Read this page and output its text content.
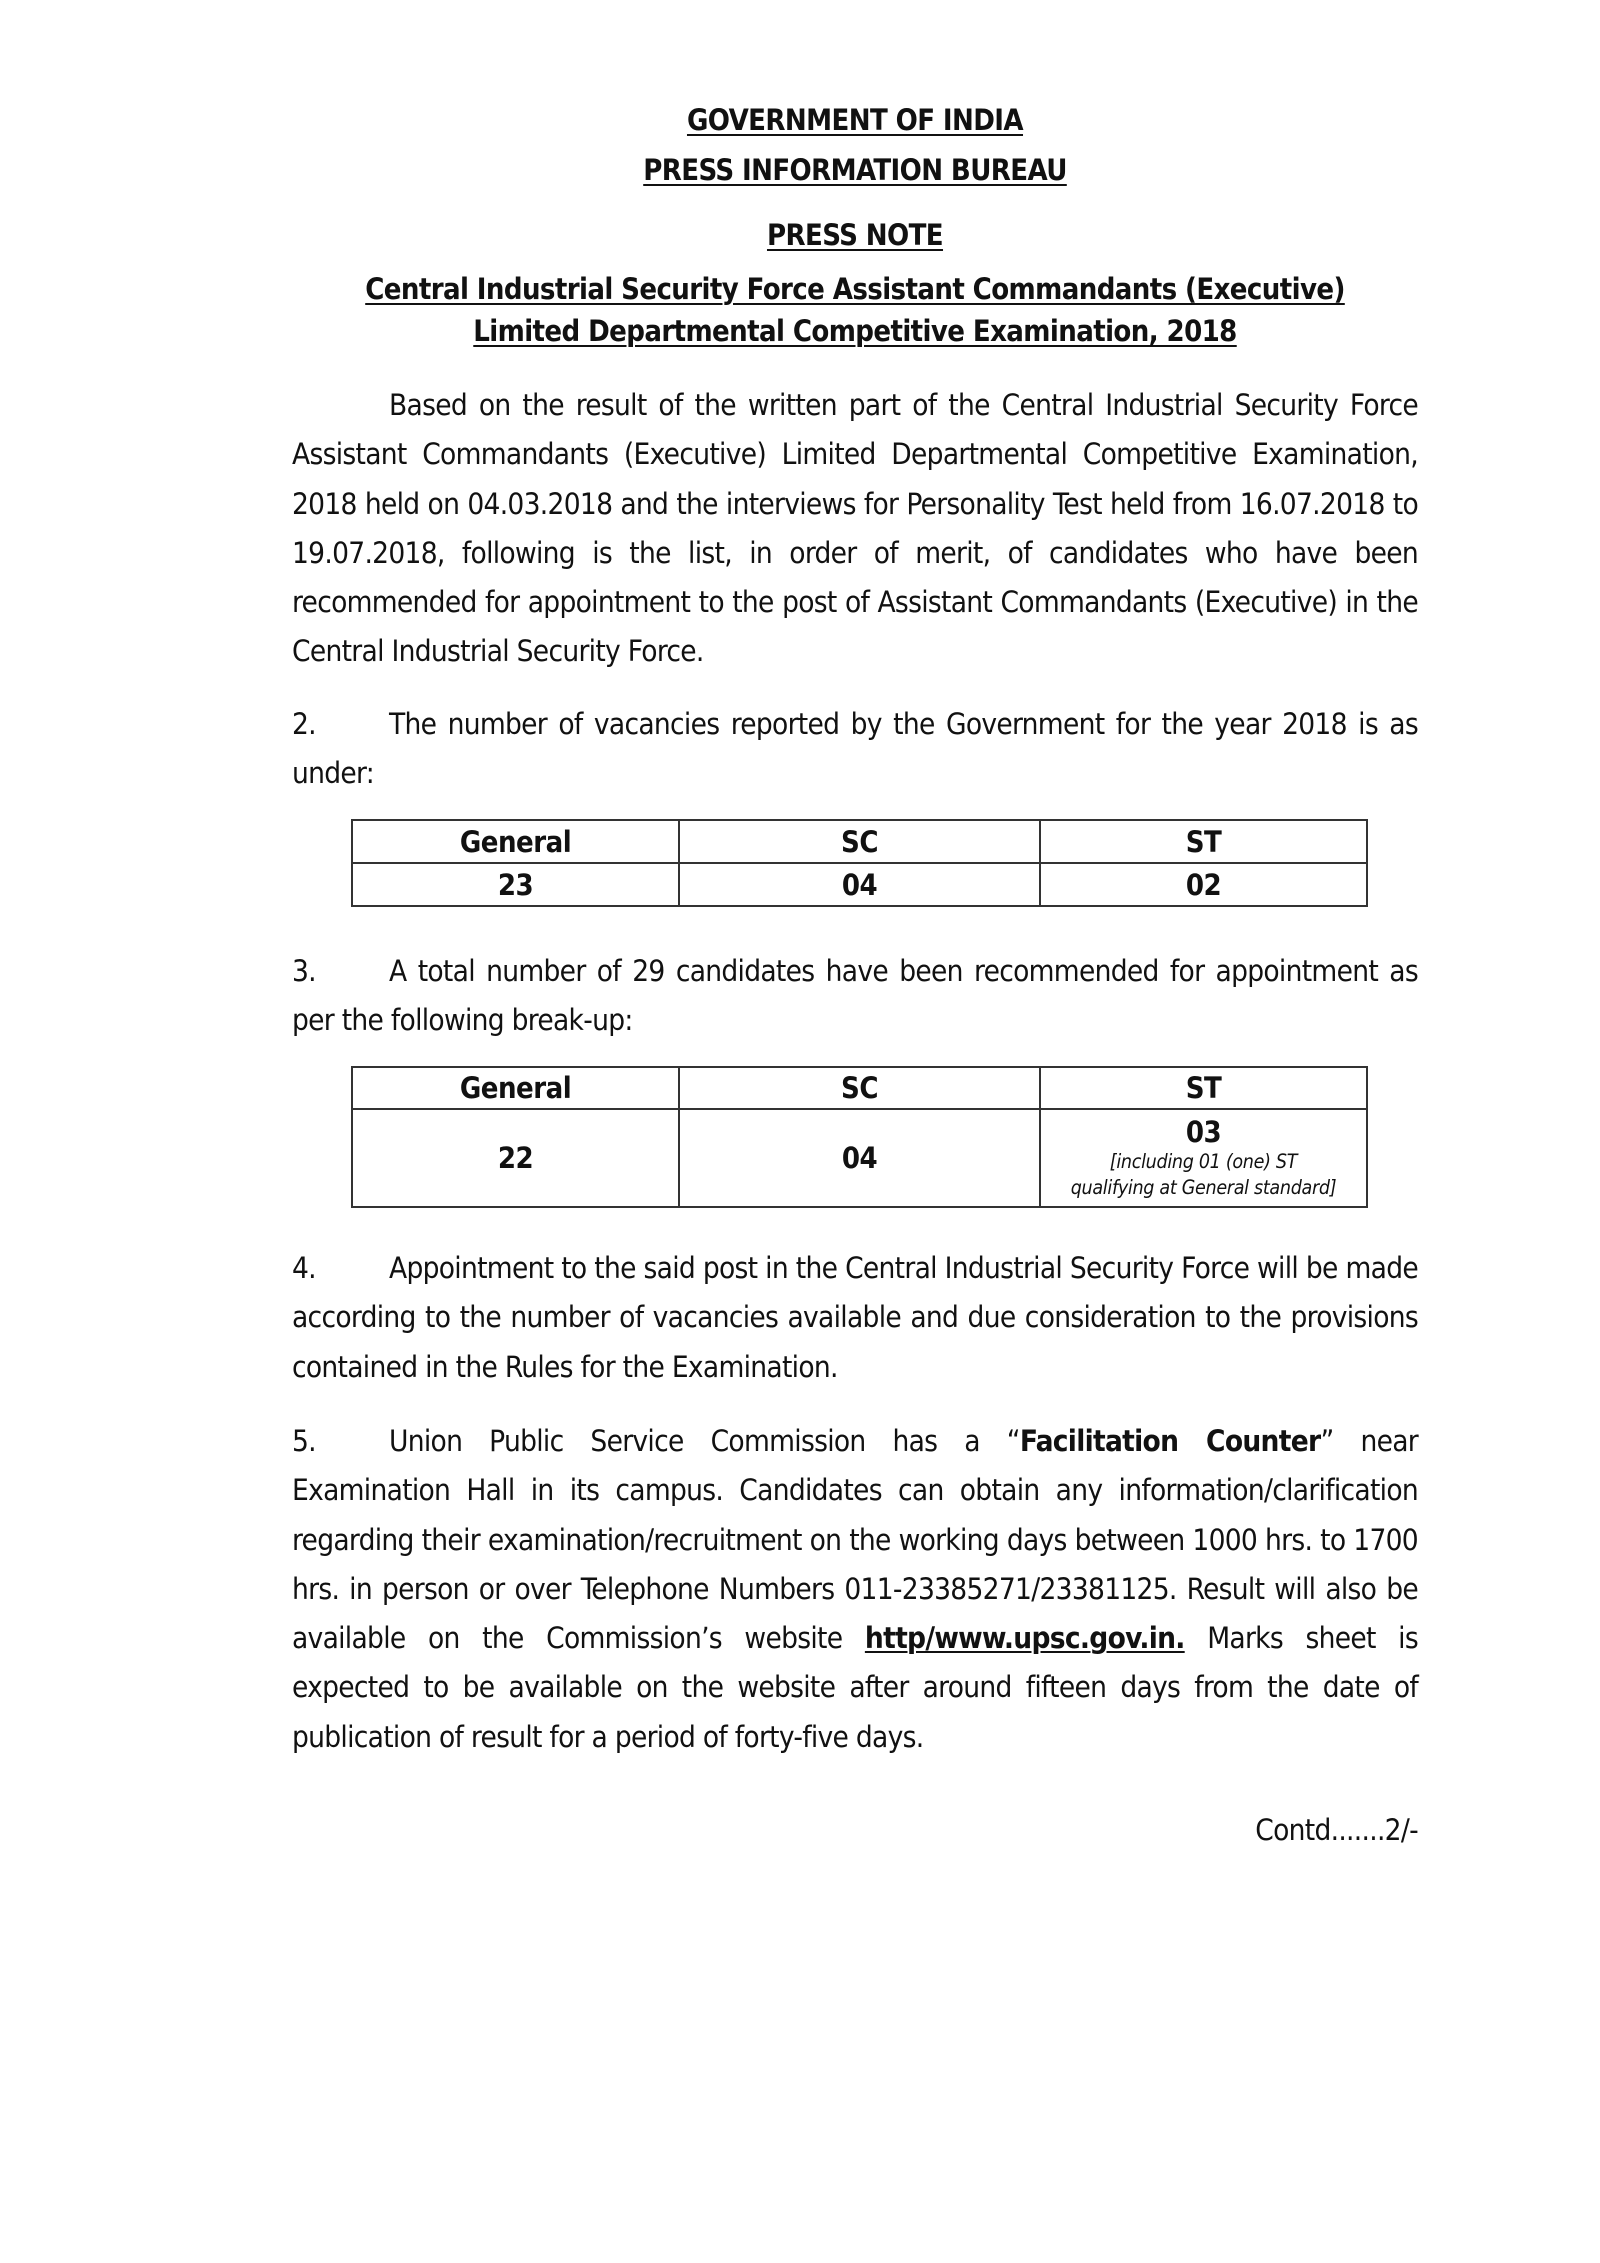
GOVERNMENT OF INDIA
PRESS INFORMATION BUREAU
PRESS NOTE
Central Industrial Security Force Assistant Commandants (Executive)
Limited Departmental Competitive Examination, 2018
Based on the result of the written part of the Central Industrial Security Force Assistant Commandants (Executive) Limited Departmental Competitive Examination, 2018 held on 04.03.2018 and the interviews for Personality Test held from 16.07.2018 to 19.07.2018, following is the list, in order of merit, of candidates who have been recommended for appointment to the post of Assistant Commandants (Executive) in the Central Industrial Security Force.
2. The number of vacancies reported by the Government for the year 2018 is as under:
General	SC	ST
23	04	02
3. A total number of 29 candidates have been recommended for appointment as per the following break-up:
General	SC	ST
22	04	03
[including 01 (one) ST
qualifying at General standard]
4. Appointment to the said post in the Central Industrial Security Force will be made according to the number of vacancies available and due consideration to the provisions contained in the Rules for the Examination.
5. Union Public Service Commission has a “Facilitation Counter” near Examination Hall in its campus. Candidates can obtain any information/clarification regarding their examination/recruitment on the working days between 1000 hrs. to 1700 hrs. in person or over Telephone Numbers 011-23385271/23381125. Result will also be available on the Commission’s website http/www.upsc.gov.in. Marks sheet is expected to be available on the website after around fifteen days from the date of publication of result for a period of forty-five days.
Contd.......2/-
